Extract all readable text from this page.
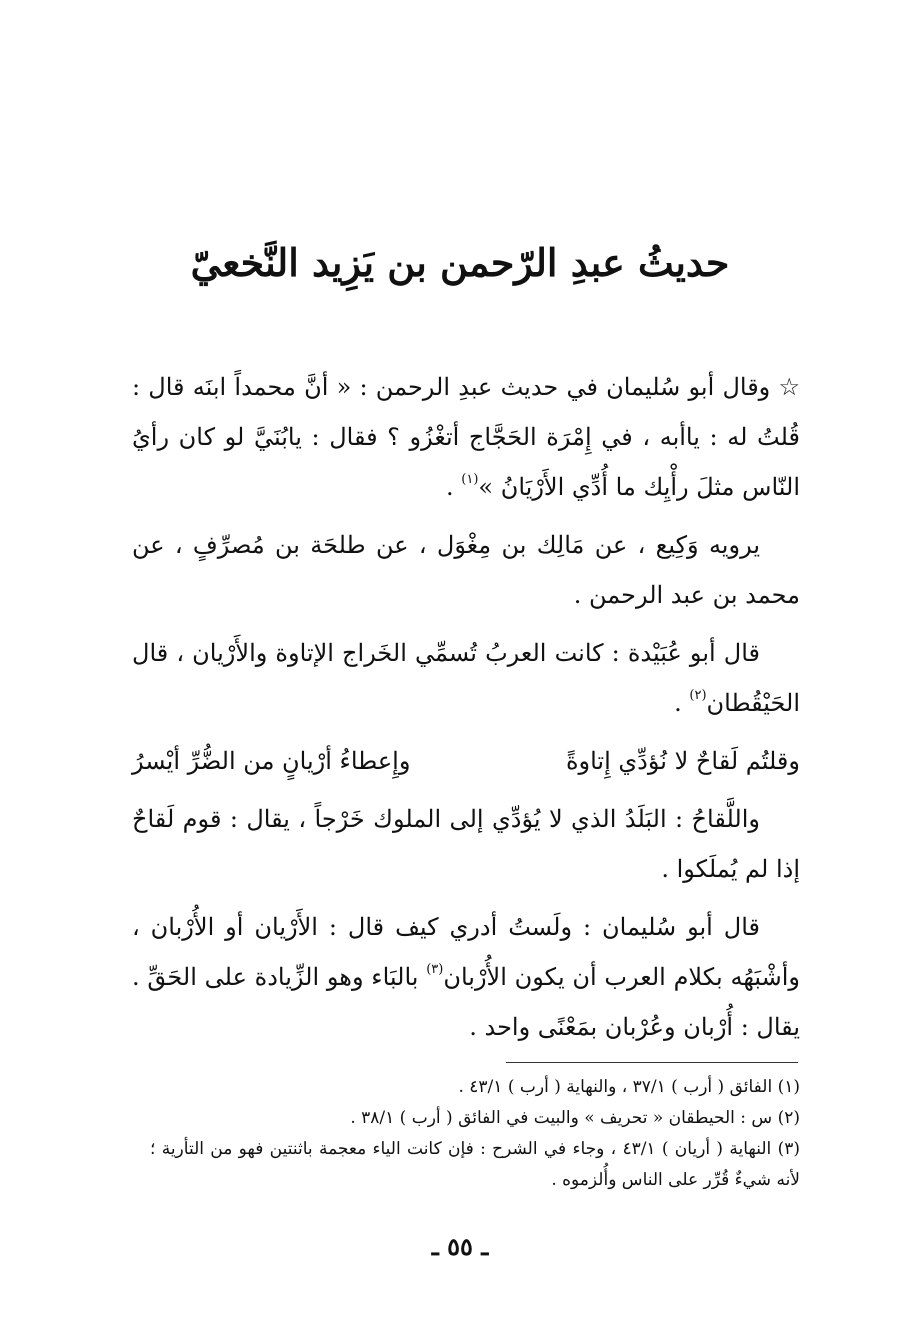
حديثُ عبدِ الرّحمن بن يَزِيد النَّخعيّ

☆ وقال أبو سُليمان في حديث عبدِ الرحمن : « أنَّ محمداً ابنَه قال : قُلتُ له : ياأبه ، في إِمْرَة الحَجَّاج أتغْزُو ؟ فقال : يابُنَيَّ لو كان رأيُ النّاس مثلَ رأْيِك ما أُدِّي الأَرْيَانُ »$^{(١)}$ .

يرويه وَكِيع ، عن مَالِك بن مِغْوَل ، عن طلحَة بن مُصرِّفٍ ، عن محمد بن عبد الرحمن .

قال أبو عُبَيْدة : كانت العربُ تُسمِّي الخَراج الإتاوة والأَرْيان ، قال الحَيْقُطان$^{(٢)}$ .

وقلتُم لَقاحٌ لا نُؤدِّي إِتاوةً
وإِعطاءُ أرْيانٍ من الضُّرِّ أيْسرُ

واللَّقاحُ : البَلَدُ الذي لا يُؤدِّي إلى الملوك خَرْجاً ، يقال : قوم لَقاحٌ إذا لم يُملَكوا .

قال أبو سُليمان : ولَستُ أدري كيف قال : الأَرْيان أو الأُرْبان ، وأشْبَهُه بكلام العرب أن يكون الأُرْبان$^{(٣)}$ بالبَاء وهو الزِّيادة على الحَقِّ . يقال : أُرْبان وعُرْبان بمَعْنًى واحد .

(١) الفائق ( أرب ) ٣٧/١ ، والنهاية ( أرب ) ٤٣/١ .

(٢) س : الحيطقان « تحريف » والبيت في الفائق ( أرب ) ٣٨/١ .

(٣) النهاية ( أريان ) ٤٣/١ ، وجاء في الشرح : فإن كانت الياء معجمة باثنتين فهو من التأرية ؛ لأنه شيءٌ قُرِّر على الناس وأُلزموه .

ـ ٥٥ ـ
